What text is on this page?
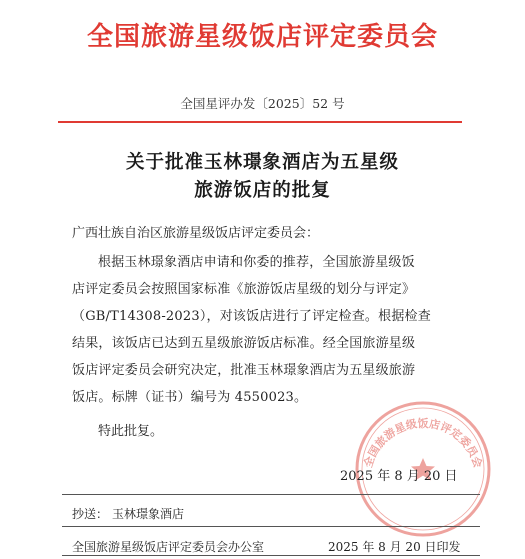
全国旅游星级饭店评定委员会
全国星评办发〔2025〕52 号
关于批准玉林璟象酒店为五星级
旅游饭店的批复
广西壮族自治区旅游星级饭店评定委员会：
根据玉林璟象酒店申请和你委的推荐，全国旅游星级饭
店评定委员会按照国家标准《旅游饭店星级的划分与评定》
（GB/T14308-2023），对该饭店进行了评定检查。根据检查
结果，该饭店已达到五星级旅游饭店标准。经全国旅游星级
饭店评定委员会研究决定，批准玉林璟象酒店为五星级旅游
饭店。标牌（证书）编号为 4550023。
特此批复。
全国旅游星级饭店评定委员会
2025 年 8 月 20 日
抄送： 玉林璟象酒店
全国旅游星级饭店评定委员会办公室	2025 年 8 月 20 日印发
